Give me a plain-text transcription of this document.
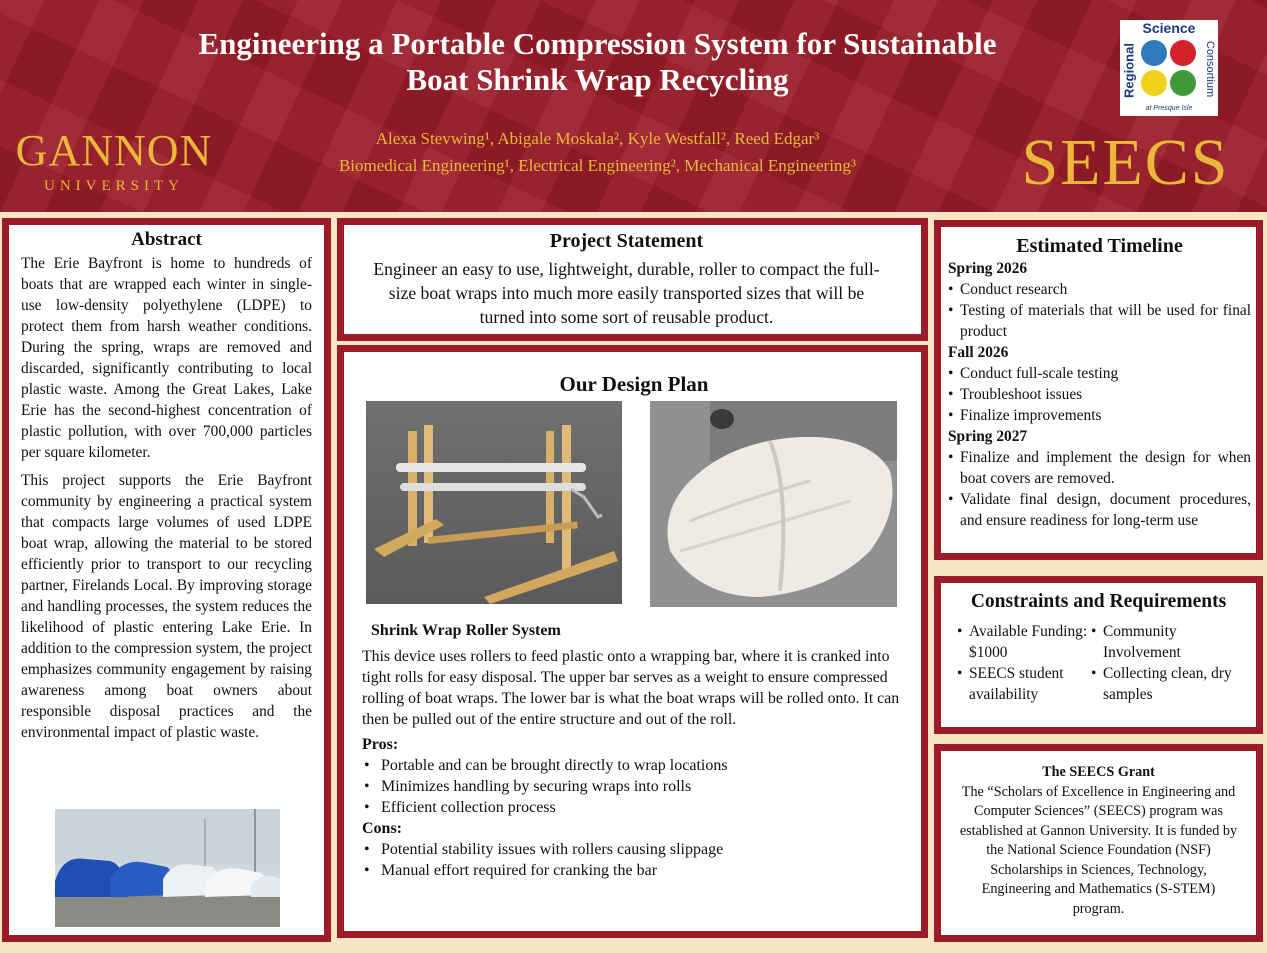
Engineering a Portable Compression System for Sustainable
Boat Shrink Wrap Recycling
Alexa Stevwing¹, Abigale Moskala², Kyle Westfall², Reed Edgar³
Biomedical Engineering¹, Electrical Engineering², Mechanical Engineering³
GANNON
UNIVERSITY
Science
Regional	Consortium
at Presque Isle
SEECS
Abstract

The Erie Bayfront is home to hundreds of boats that are wrapped each winter in single-use low-density polyethylene (LDPE) to protect them from harsh weather conditions. During the spring, wraps are removed and discarded, significantly contributing to local plastic waste. Among the Great Lakes, Lake Erie has the second-highest concentration of plastic pollution, with over 700,000 particles per square kilometer.

This project supports the Erie Bayfront community by engineering a practical system that compacts large volumes of used LDPE boat wrap, allowing the material to be stored efficiently prior to transport to our recycling partner, Firelands Local. By improving storage and handling processes, the system reduces the likelihood of plastic entering Lake Erie. In addition to the compression system, the project emphasizes community engagement by raising awareness among boat owners about responsible disposal practices and the environmental impact of plastic waste.

Project Statement

Engineer an easy to use, lightweight, durable, roller to compact the full-size boat wraps into much more easily transported sizes that will be turned into some sort of reusable product.

Our Design Plan
Shrink Wrap Roller System

This device uses rollers to feed plastic onto a wrapping bar, where it is cranked into tight rolls for easy disposal. The upper bar serves as a weight to ensure compressed rolling of boat wraps. The lower bar is what the boat wraps will be rolled onto. It can then be pulled out of the entire structure and out of the roll.

Pros:
• Portable and can be brought directly to wrap locations
• Minimizes handling by securing wraps into rolls
• Efficient collection process
Cons:
• Potential stability issues with rollers causing slippage
• Manual effort required for cranking the bar
Estimated Timeline
Spring 2026
• Conduct research
• Testing of materials that will be used for final product
Fall 2026
• Conduct full-scale testing
• Troubleshoot issues
• Finalize improvements
Spring 2027
• Finalize and implement the design for when boat covers are removed.
• Validate final design, document procedures, and ensure readiness for long-term use
Constraints and Requirements
• Available Funding: $1000
• SEECS student availability
• Community Involvement
• Collecting clean, dry samples
The SEECS Grant

The “Scholars of Excellence in Engineering and Computer Sciences” (SEECS) program was established at Gannon University. It is funded by the National Science Foundation (NSF) Scholarships in Sciences, Technology, Engineering and Mathematics (S-STEM) program.
